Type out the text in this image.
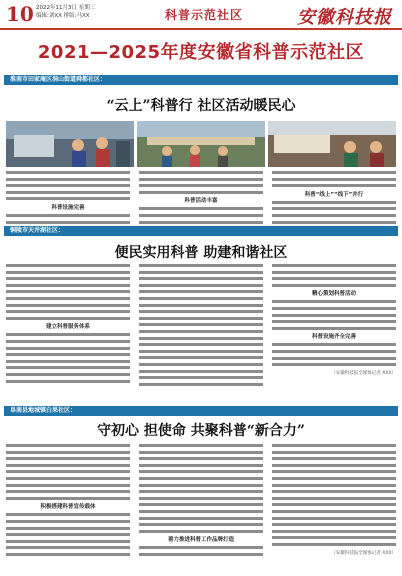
10 2022年11月3日 星期三
编辑:刘XX 排版:马XX	科普示范社区	安徽科技报
2021—2025年度安徽省科普示范社区
淮南市田家庵区洞山街道舜都社区：
“云上”科普行 社区活动暖民心
科普设施完善
科普活动丰富
科普“线上”“线下”并行
铜陵市天井湖社区：
便民实用科普 助建和谐社区
建立科普服务体系
精心策划科普活动
科普设施齐全完善
（安徽科技报全媒体记者 XXX）
阜南县地城镇白果社区：
守初心 担使命 共聚科普“新合力”
积极搭建科普宣传载体
着力推进科普工作品牌打造
（安徽科技报全媒体记者 XXX）
